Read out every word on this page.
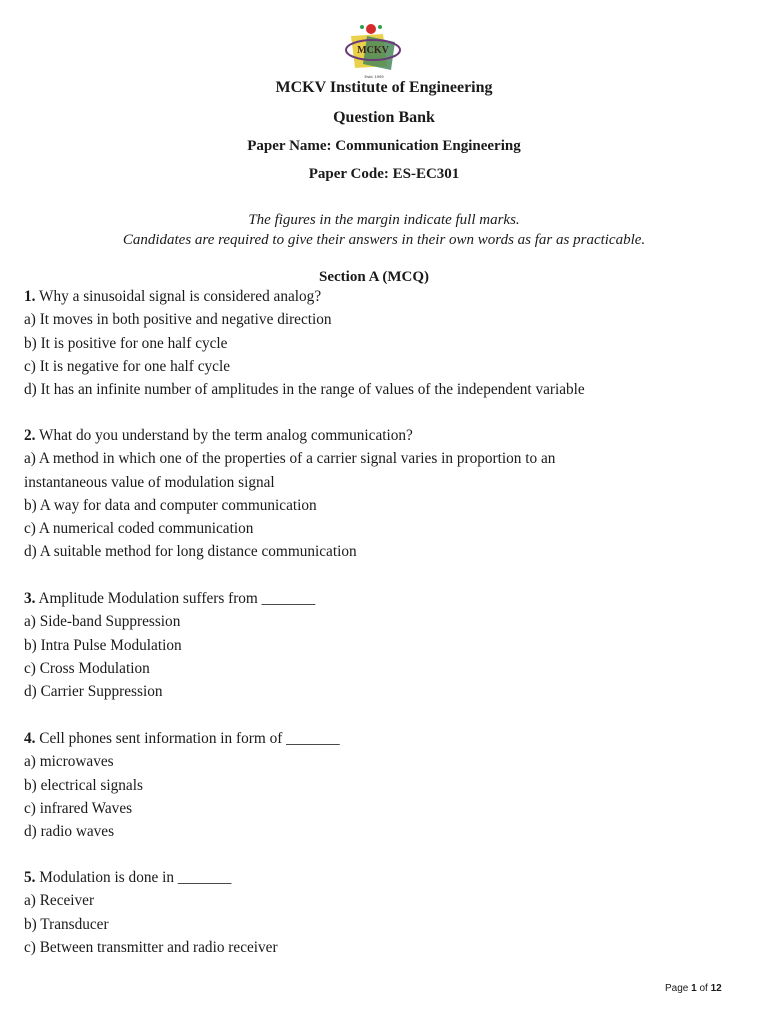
MCKV
Estd. 1999
MCKV Institute of Engineering
Question Bank
Paper Name: Communication Engineering
Paper Code: ES-EC301
The figures in the margin indicate full marks.
Candidates are required to give their answers in their own words as far as practicable.
Section A (MCQ)
1. Why a sinusoidal signal is considered analog?
a) It moves in both positive and negative direction
b) It is positive for one half cycle
c) It is negative for one half cycle
d) It has an infinite number of amplitudes in the range of values of the independent variable
2. What do you understand by the term analog communication?
a) A method in which one of the properties of a carrier signal varies in proportion to an
instantaneous value of modulation signal
b) A way for data and computer communication
c) A numerical coded communication
d) A suitable method for long distance communication
3. Amplitude Modulation suffers from _______
a) Side-band Suppression
b) Intra Pulse Modulation
c) Cross Modulation
d) Carrier Suppression
4. Cell phones sent information in form of _______
a) microwaves
b) electrical signals
c) infrared Waves
d) radio waves
5. Modulation is done in _______
a) Receiver
b) Transducer
c) Between transmitter and radio receiver
Page 1 of 12
